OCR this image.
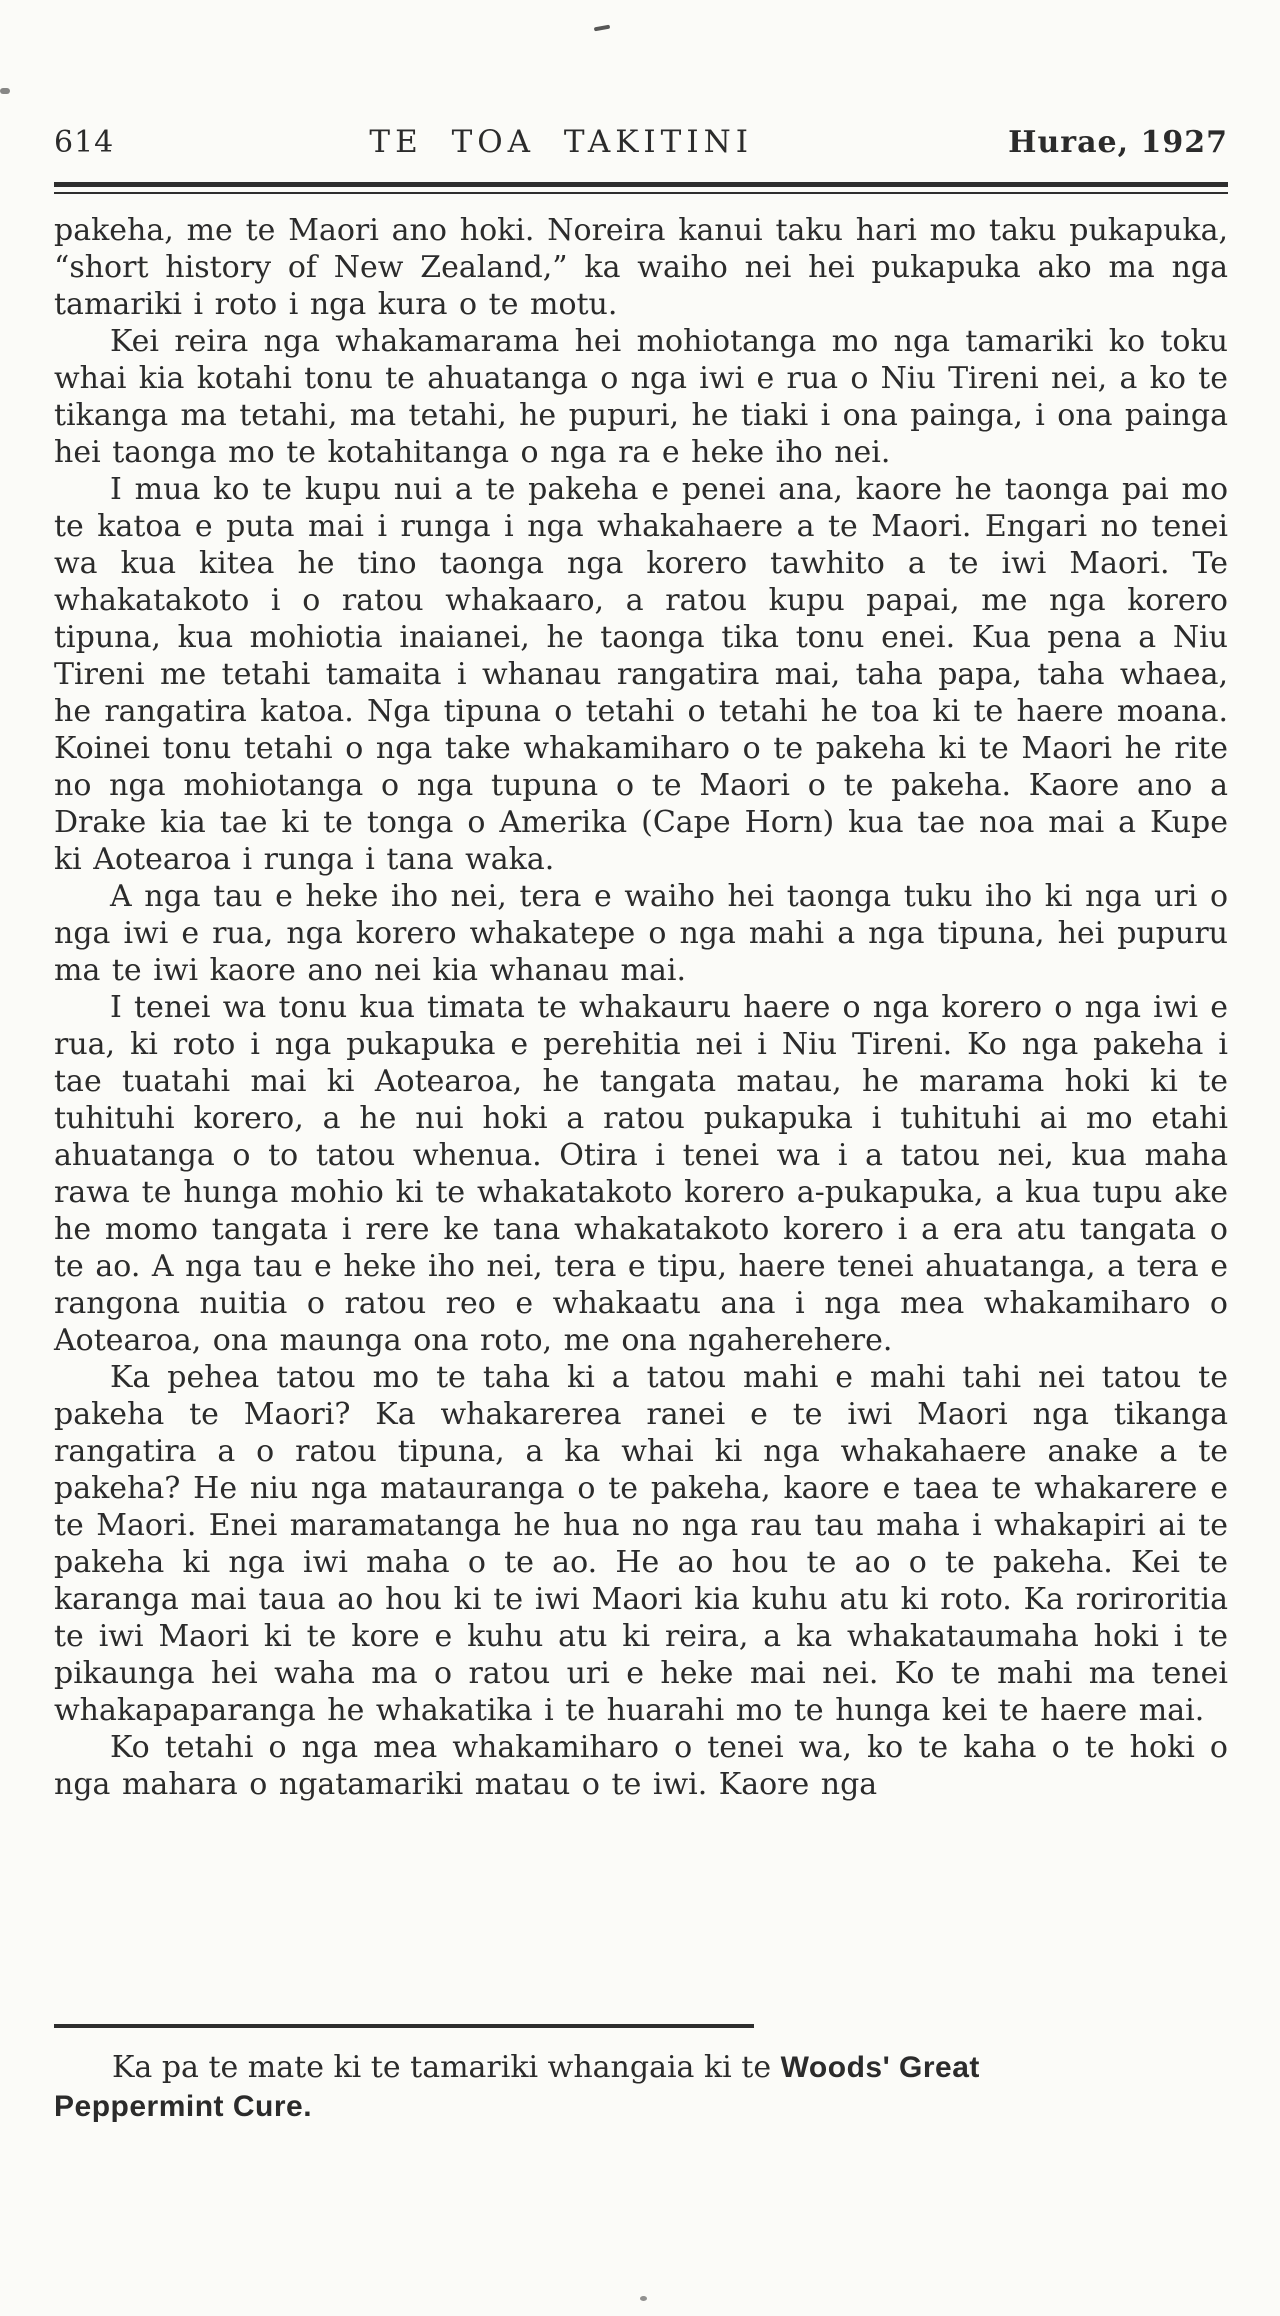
614	TE TOA TAKITINI	Hurae, 1927

pakeha, me te Maori ano hoki. Noreira kanui taku hari mo taku pukapuka, “short history of New Zealand,” ka waiho nei hei pukapuka ako ma nga tamariki i roto i nga kura o te motu.

Kei reira nga whakamarama hei mohiotanga mo nga tamariki ko toku whai kia kotahi tonu te ahuatanga o nga iwi e rua o Niu Tireni nei, a ko te tikanga ma tetahi, ma tetahi, he pupuri, he tiaki i ona painga, i ona painga hei taonga mo te kotahitanga o nga ra e heke iho nei.

I mua ko te kupu nui a te pakeha e penei ana, kaore he taonga pai mo te katoa e puta mai i runga i nga whakahaere a te Maori. Engari no tenei wa kua kitea he tino taonga nga korero tawhito a te iwi Maori. Te whakatakoto i o ratou whakaaro, a ratou kupu papai, me nga korero tipuna, kua mohiotia inaianei, he taonga tika tonu enei. Kua pena a Niu Tireni me tetahi tamaita i whanau rangatira mai, taha papa, taha whaea, he rangatira katoa. Nga tipuna o tetahi o tetahi he toa ki te haere moana. Koinei tonu tetahi o nga take whakamiharo o te pakeha ki te Maori he rite no nga mohiotanga o nga tupuna o te Maori o te pakeha. Kaore ano a Drake kia tae ki te tonga o Amerika (Cape Horn) kua tae noa mai a Kupe ki Aotearoa i runga i tana waka.

A nga tau e heke iho nei, tera e waiho hei taonga tuku iho ki nga uri o nga iwi e rua, nga korero whakatepe o nga mahi a nga tipuna, hei pupuru ma te iwi kaore ano nei kia whanau mai.

I tenei wa tonu kua timata te whakauru haere o nga korero o nga iwi e rua, ki roto i nga pukapuka e perehitia nei i Niu Tireni. Ko nga pakeha i tae tuatahi mai ki Aotearoa, he tangata matau, he marama hoki ki te tuhituhi korero, a he nui hoki a ratou pukapuka i tuhituhi ai mo etahi ahuatanga o to tatou whenua. Otira i tenei wa i a tatou nei, kua maha rawa te hunga mohio ki te whakatakoto korero a-pukapuka, a kua tupu ake he momo tangata i rere ke tana whakatakoto korero i a era atu tangata o te ao. A nga tau e heke iho nei, tera e tipu, haere tenei ahuatanga, a tera e rangona nuitia o ratou reo e whakaatu ana i nga mea whakamiharo o Aotearoa, ona maunga ona roto, me ona ngaherehere.

Ka pehea tatou mo te taha ki a tatou mahi e mahi tahi nei tatou te pakeha te Maori? Ka whakarerea ranei e te iwi Maori nga tikanga rangatira a o ratou tipuna, a ka whai ki nga whakahaere anake a te pakeha? He niu nga matauranga o te pakeha, kaore e taea te whakarere e te Maori. Enei maramatanga he hua no nga rau tau maha i whakapiri ai te pakeha ki nga iwi maha o te ao. He ao hou te ao o te pakeha. Kei te karanga mai taua ao hou ki te iwi Maori kia kuhu atu ki roto. Ka roriroritia te iwi Maori ki te kore e kuhu atu ki reira, a ka whakataumaha hoki i te pikaunga hei waha ma o ratou uri e heke mai nei. Ko te mahi ma tenei whakapaparanga he whakatika i te huarahi mo te hunga kei te haere mai.

Ko tetahi o nga mea whakamiharo o tenei wa, ko te kaha o te hoki o nga mahara o ngatamariki matau o te iwi. Kaore nga

Ka pa te mate ki te tamariki whangaia ki te Woods' Great

Peppermint Cure.
